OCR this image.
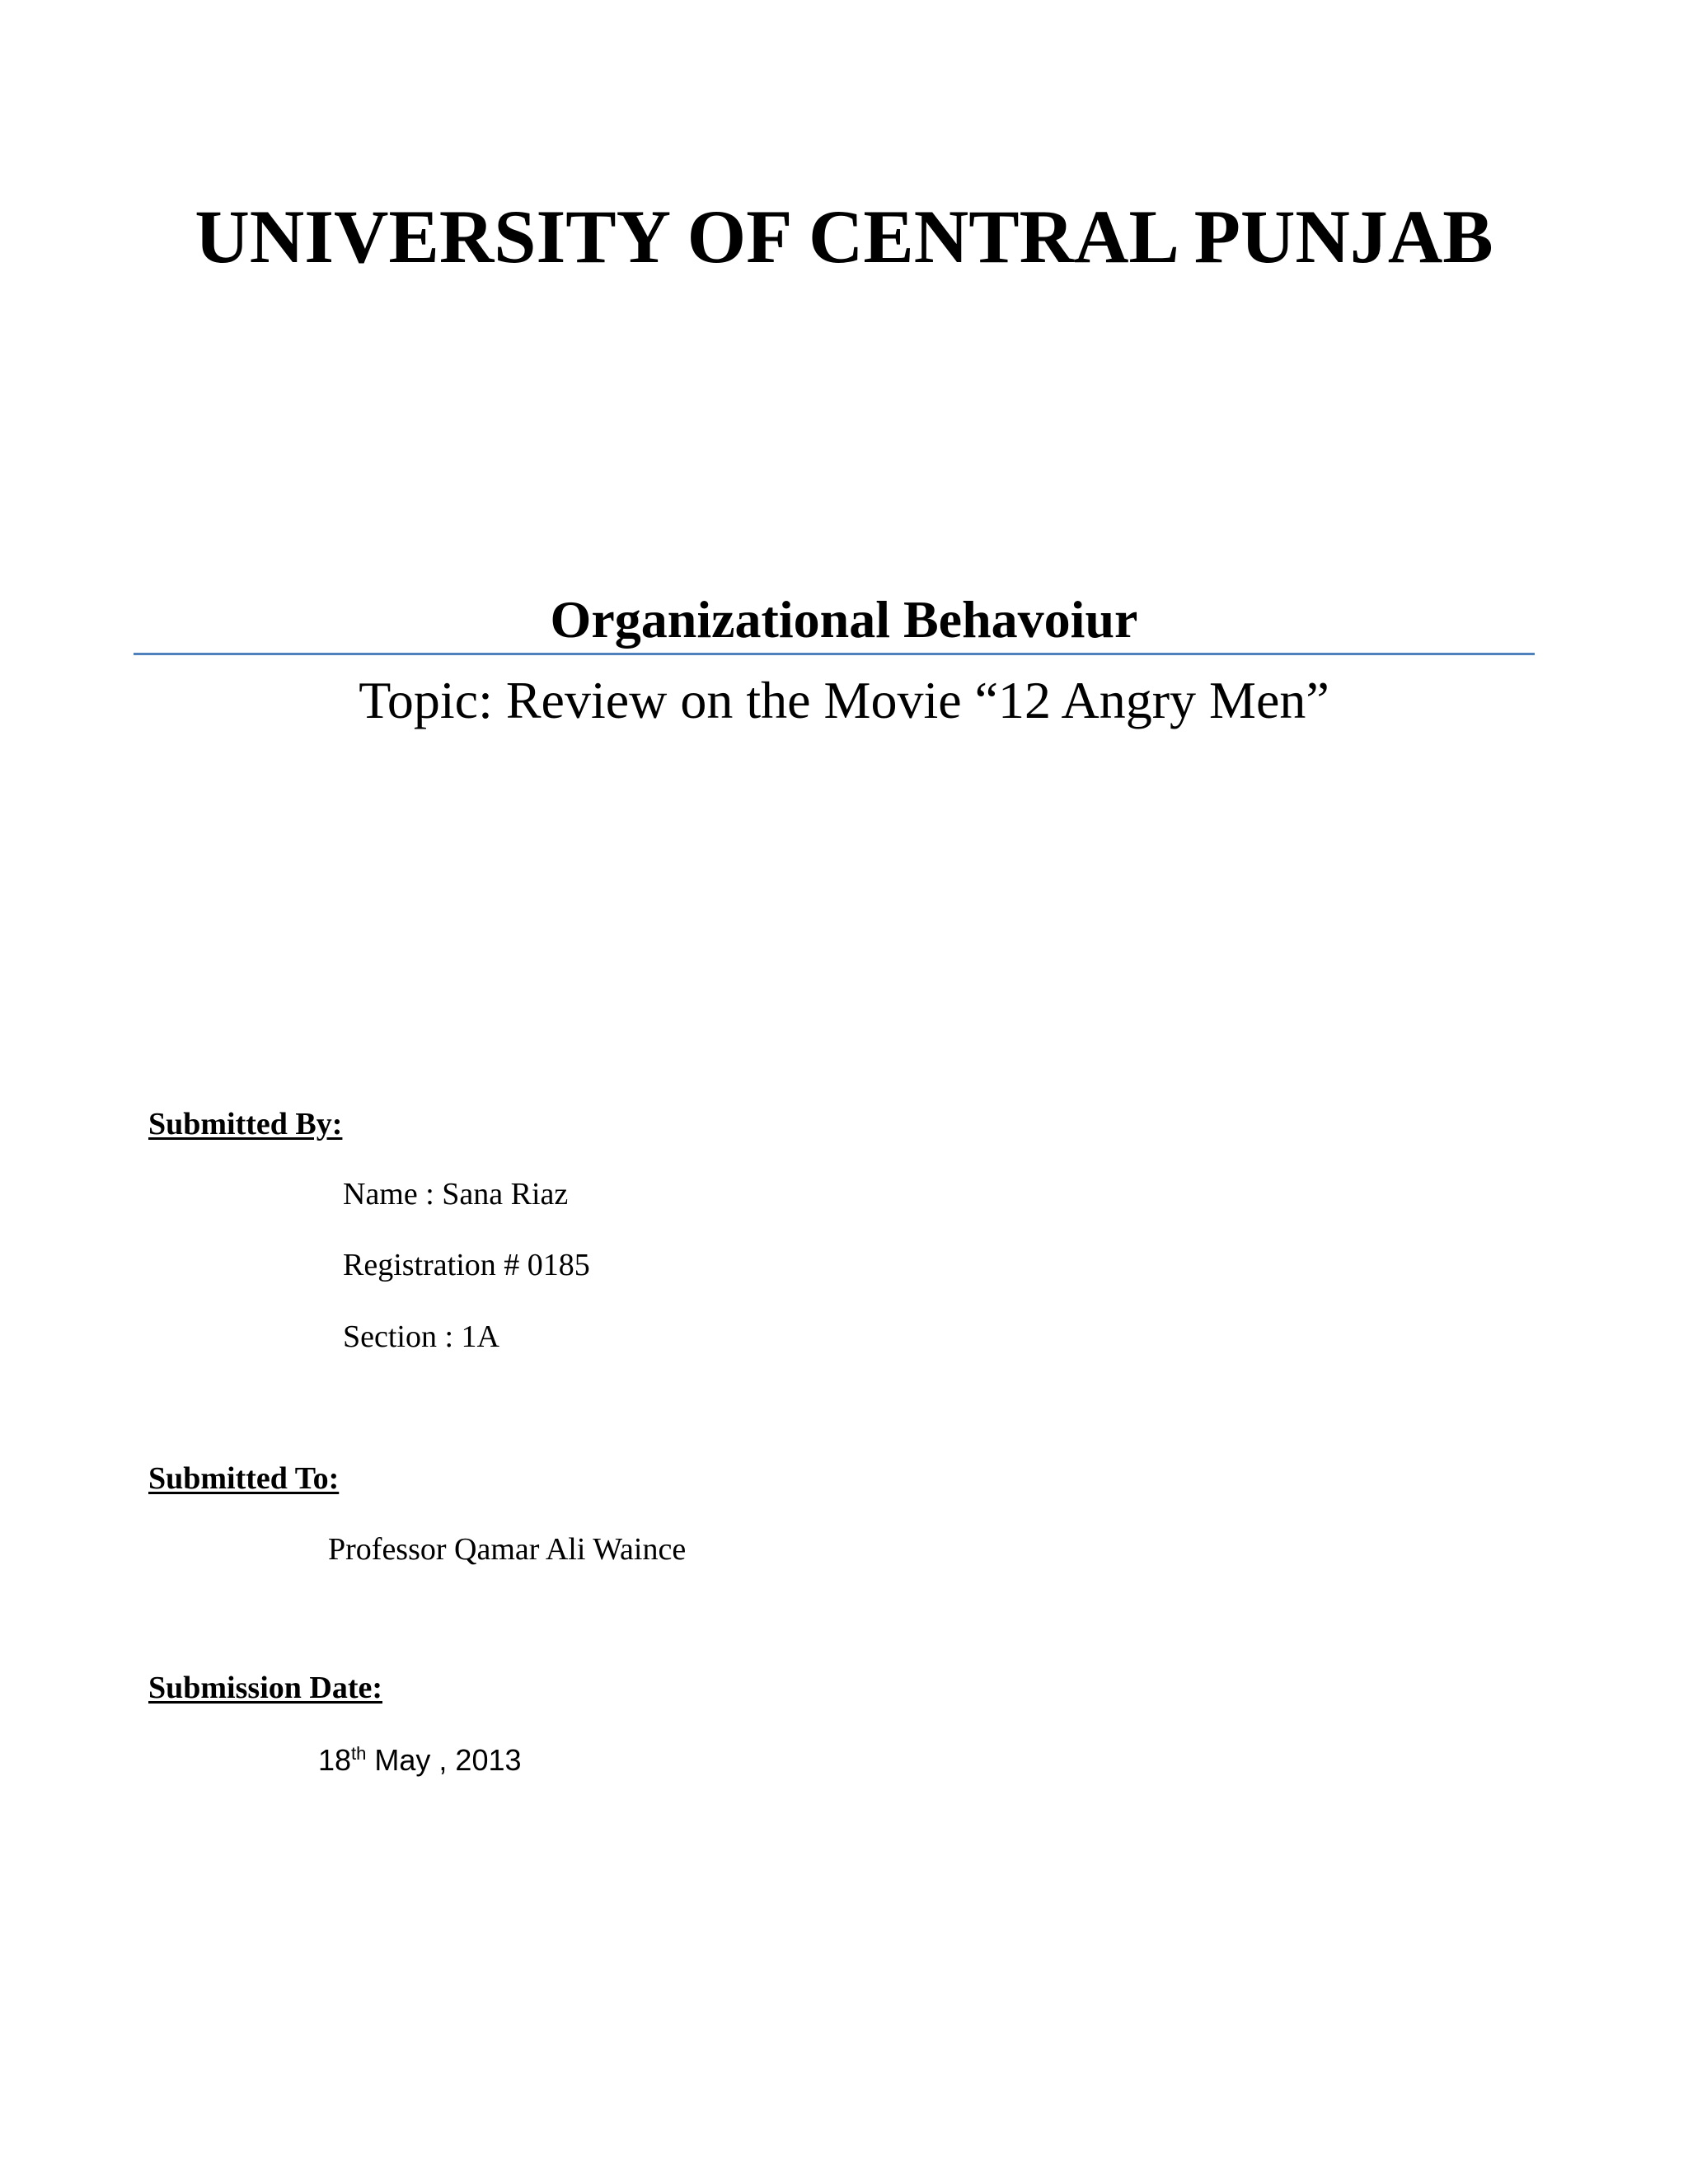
UNIVERSITY OF CENTRAL PUNJAB
Organizational Behavoiur
Topic: Review on the Movie “12 Angry Men”
Submitted By:
Name : Sana Riaz
Registration # 0185
Section : 1A
Submitted To:
Professor Qamar Ali Waince
Submission Date:
18th May , 2013
